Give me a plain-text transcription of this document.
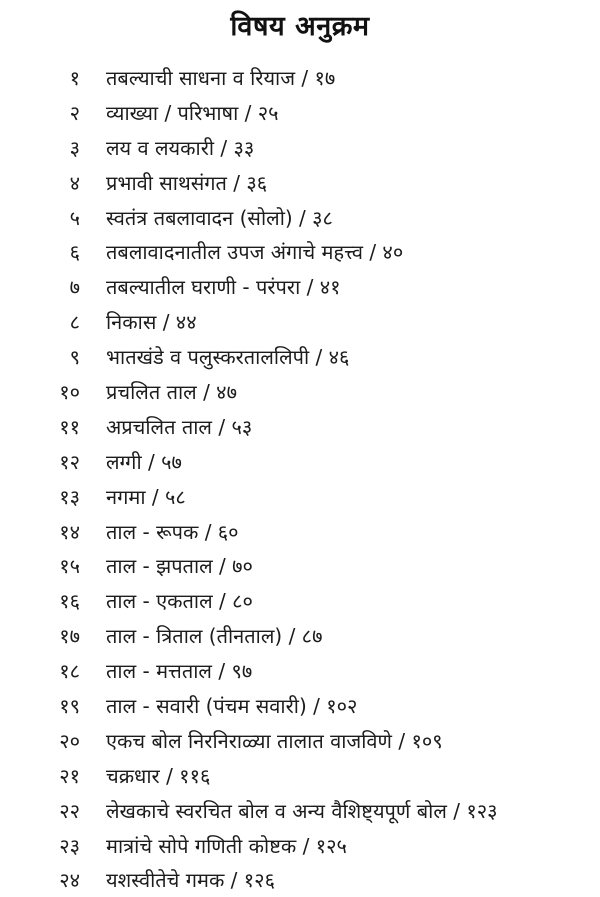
विषय अनुक्रम
१ तबल्याची साधना व रियाज / १७
२ व्याख्या / परिभाषा / २५
३ लय व लयकारी / ३३
४ प्रभावी साथसंगत / ३६
५ स्वतंत्र तबलावादन (सोलो) / ३८
६ तबलावादनातील उपज अंगाचे महत्त्व / ४०
७ तबल्यातील घराणी - परंपरा / ४१
८ निकास / ४४
९ भातखंडे व पलुस्करताललिपी / ४६
१० प्रचलित ताल / ४७
११ अप्रचलित ताल / ५३
१२ लग्गी / ५७
१३ नगमा / ५८
१४ ताल - रूपक / ६०
१५ ताल - झपताल / ७०
१६ ताल - एकताल / ८०
१७ ताल - त्रिताल (तीनताल) / ८७
१८ ताल - मत्तताल / ९७
१९ ताल - सवारी (पंचम सवारी) / १०२
२० एकच बोल निरनिराळ्या तालात वाजविणे / १०९
२१ चक्रधार / ११६
२२ लेखकाचे स्वरचित बोल व अन्य वैशिष्ट्यपूर्ण बोल / १२३
२३ मात्रांचे सोपे गणिती कोष्टक / १२५
२४ यशस्वीतेचे गमक / १२६
